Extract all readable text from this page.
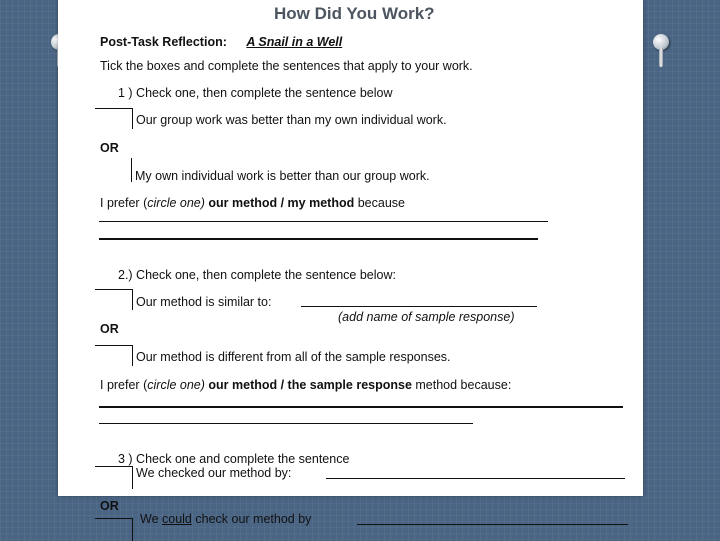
How Did You Work?
Post-Task Reflection: A Snail in a Well
Tick the boxes and complete the sentences that apply to your work.
1 ) Check one, then complete the sentence below
Our group work was better than my own individual work.
OR
My own individual work is better than our group work.
I prefer (circle one) our method / my method because
2.) Check one, then complete the sentence below:
Our method is similar to:
(add name of sample response)
OR
Our method is different from all of the sample responses.
I prefer (circle one) our method / the sample response method because:
3 ) Check one and complete the sentence
We checked our method by:
OR
We could check our method by
